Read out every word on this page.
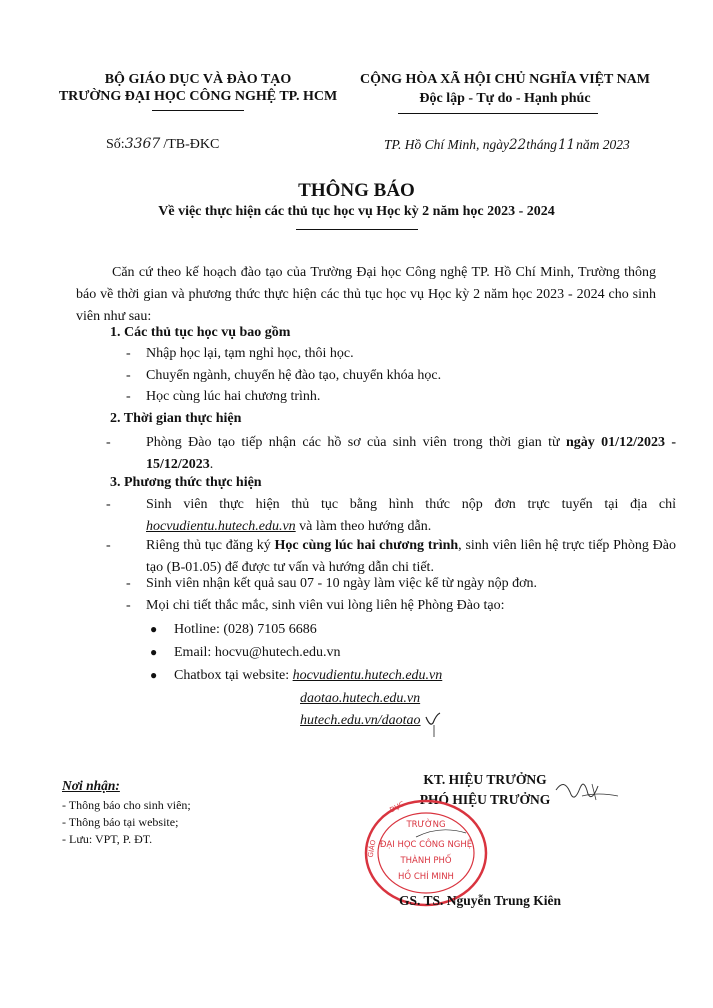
BỘ GIÁO DỤC VÀ ĐÀO TẠO
TRƯỜNG ĐẠI HỌC CÔNG NGHỆ TP. HCM
CỘNG HÒA XÃ HỘI CHỦ NGHĨA VIỆT NAM
Độc lập - Tự do - Hạnh phúc
Số:3367 /TB-ĐKC	TP. Hồ Chí Minh, ngày22tháng11năm 2023
THÔNG BÁO
Về việc thực hiện các thủ tục học vụ Học kỳ 2 năm học 2023 - 2024
Căn cứ theo kế hoạch đào tạo của Trường Đại học Công nghệ TP. Hồ Chí Minh, Trường thông báo về thời gian và phương thức thực hiện các thủ tục học vụ Học kỳ 2 năm học 2023 - 2024 cho sinh viên như sau:
1. Các thủ tục học vụ bao gồm
- Nhập học lại, tạm nghỉ học, thôi học.
- Chuyển ngành, chuyển hệ đào tạo, chuyển khóa học.
- Học cùng lúc hai chương trình.
2. Thời gian thực hiện
-	Phòng Đào tạo tiếp nhận các hồ sơ của sinh viên trong thời gian từ ngày 01/12/2023 - 15/12/2023.
3. Phương thức thực hiện
-	Sinh viên thực hiện thủ tục bằng hình thức nộp đơn trực tuyến tại địa chỉ hocvudientu.hutech.edu.vn và làm theo hướng dẫn.
-	Riêng thủ tục đăng ký Học cùng lúc hai chương trình, sinh viên liên hệ trực tiếp Phòng Đào tạo (B-01.05) để được tư vấn và hướng dẫn chi tiết.
- Sinh viên nhận kết quả sau 07 - 10 ngày làm việc kể từ ngày nộp đơn.
- Mọi chi tiết thắc mắc, sinh viên vui lòng liên hệ Phòng Đào tạo:
● Hotline: (028) 7105 6686
● Email: hocvu@hutech.edu.vn
● Chatbox tại website: hocvudientu.hutech.edu.vn
daotao.hutech.edu.vn
hutech.edu.vn/daotao
Nơi nhận:
- Thông báo cho sinh viên;
- Thông báo tại website;
- Lưu: VPT, P. ĐT.
KT. HIỆU TRƯỞNG
PHÓ HIỆU TRƯỞNG
TRƯỜNG
ĐẠI HỌC CÔNG NGHỆ
THÀNH PHỐ
HỒ CHÍ MINH
DỤC
GIÁO
GS. TS. Nguyễn Trung Kiên
